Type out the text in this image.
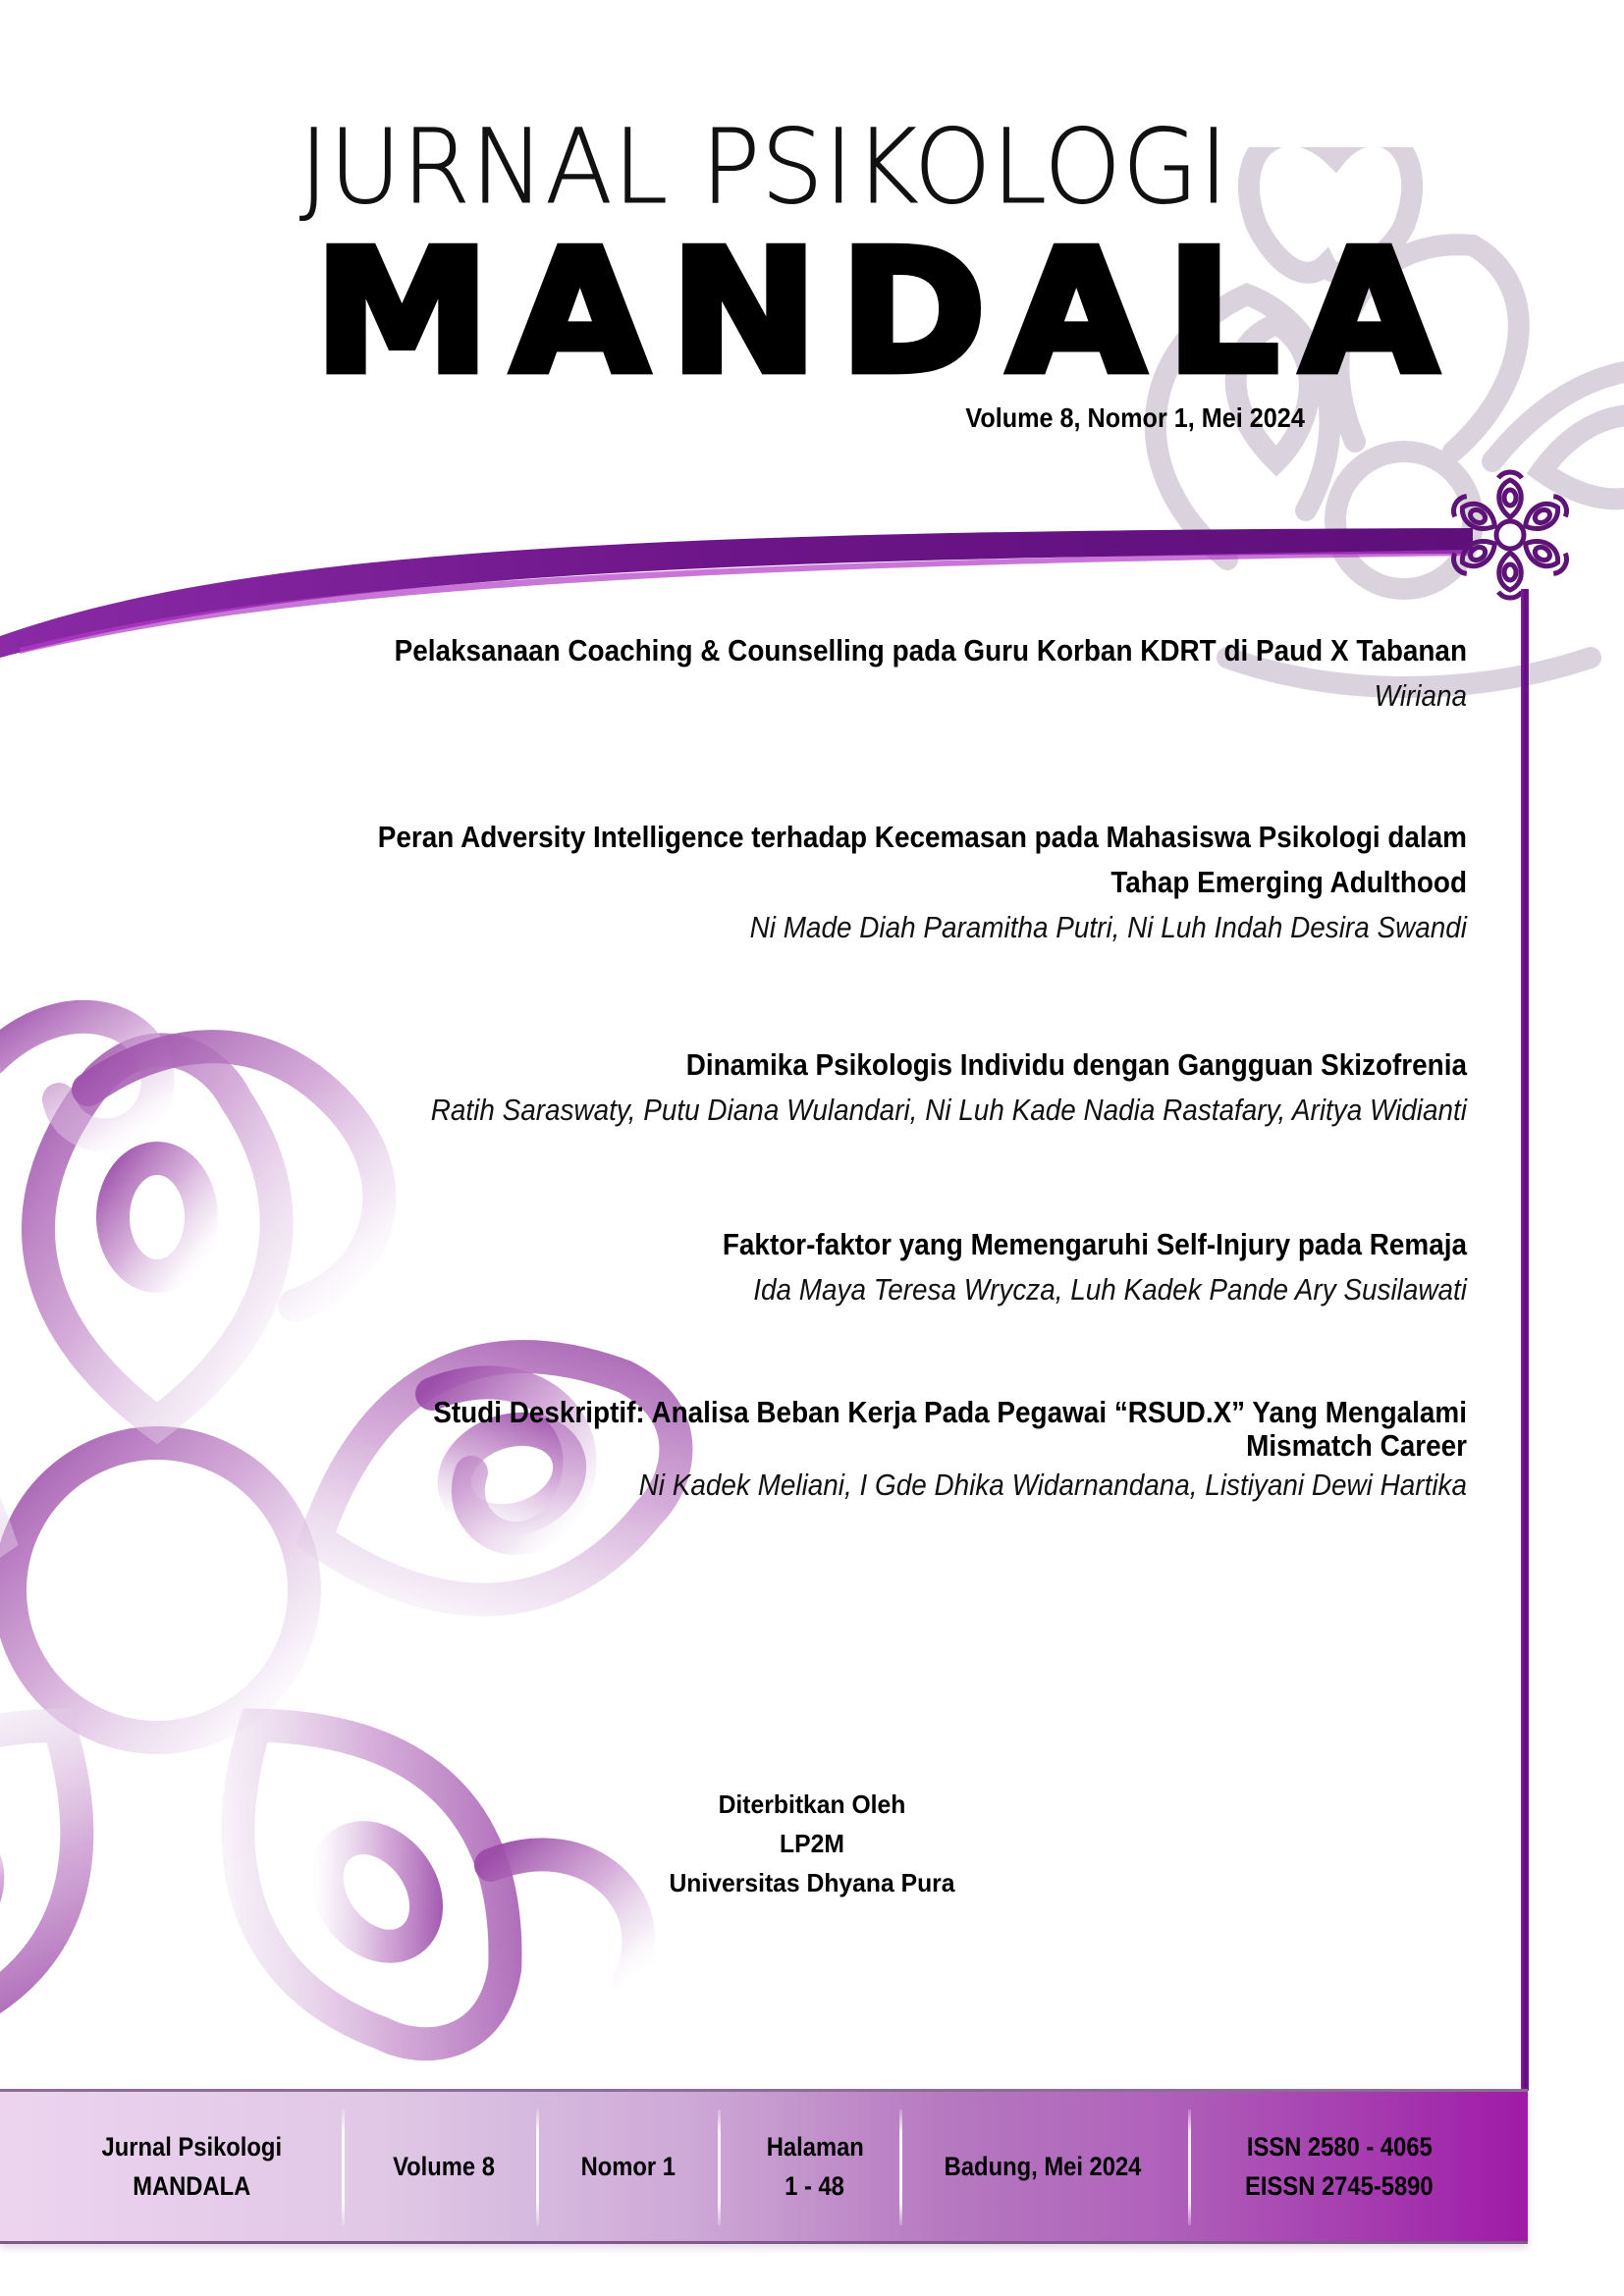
JURNAL PSIKOLOGI
MANDALA
Volume 8, Nomor 1, Mei 2024
Pelaksanaan Coaching & Counselling pada Guru Korban KDRT di Paud X Tabanan
Wiriana
Peran Adversity Intelligence terhadap Kecemasan pada Mahasiswa Psikologi dalam
Tahap Emerging Adulthood
Ni Made Diah Paramitha Putri, Ni Luh Indah Desira Swandi
Dinamika Psikologis Individu dengan Gangguan Skizofrenia
Ratih Saraswaty, Putu Diana Wulandari, Ni Luh Kade Nadia Rastafary, Aritya Widianti
Faktor-faktor yang Memengaruhi Self-Injury pada Remaja
Ida Maya Teresa Wrycza, Luh Kadek Pande Ary Susilawati
Studi Deskriptif: Analisa Beban Kerja Pada Pegawai “RSUD.X” Yang Mengalami
Mismatch Career
Ni Kadek Meliani, I Gde Dhika Widarnandana, Listiyani Dewi Hartika
Diterbitkan Oleh
LP2M
Universitas Dhyana Pura
Jurnal Psikologi
MANDALA
Volume 8	Nomor 1
Halaman
1 - 48
Badung, Mei 2024
ISSN 2580 - 4065
EISSN 2745-5890
